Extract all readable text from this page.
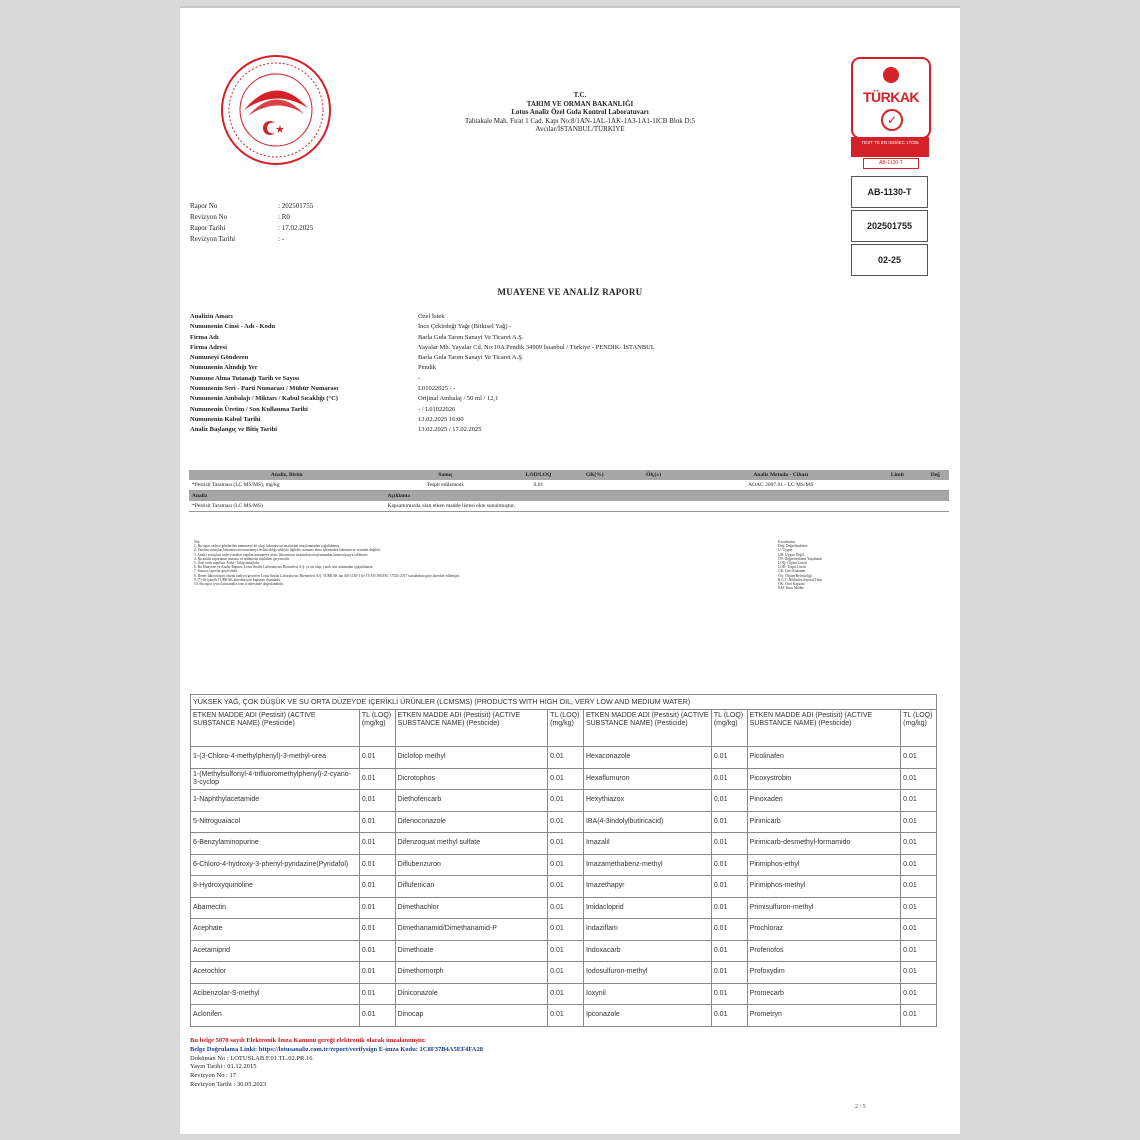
T.C.
TARIM VE ORMAN BAKANLIĞI
Lotus Analiz Özel Gıda Kontrol Laboratuvarı
Tahtakale Mah. Fırat 1 Cad. Kapı No:8/1AN-1AL-1AK-1A3-1A1-1ICB Blok D:5
Avcılar/İSTANBUL/TÜRKİYE
TÜRKAK
✓
TEST TS EN ISO/IEC 17025
AB-1130-T
AB-1130-T
202501755
02-25
Rapor No	: 202501755
Revizyon No	: R0
Rapor Tarihi	: 17.02.2025
Revizyon Tarihi	: -
MUAYENE VE ANALİZ RAPORU
Analizin Amacı	Özel İstek
Numunenin Cinsi - Adı - Kodu	İnce Çekirdeği Yağı (Bitkisel Yağ) -
Firma Adı	Barla Gıda Tarım Sanayi Ve Ticaret A.Ş.
Firma Adresi	Yayalar Mh. Yayalar Cd. No:10A Pendik 34909 İstanbul / Türkiye - PENDİK- İSTANBUL
Numuneyi Gönderen	Barla Gıda Tarım Sanayi Ve Ticaret A.Ş.
Numunenin Alındığı Yer	Pendik
Numune Alma Tutanağı Tarih ve Sayısı	-
Numunenin Seri - Parti Numarası / Mühür Numarası	L01022025 / -
Numunenin Ambalajı / Miktarı / Kabul Sıcaklığı (°C)	Orijinal Ambalaj / 50 ml / 12,1
Numunenin Üretim / Son Kullanma Tarihi	- / L01022026
Numunenin Kabul Tarihi	13.02.2025 16:00
Analiz Başlangıç ve Bitiş Tarihi	13.02.2025 / 17.02.2025
Analiz, Birim	Sonuç	LOD/LOQ	GK(%)	Ölç(±)	Analiz Metodu - Cihazı	Limit	Değ
*Pestisit Taraması (LC MS/MS), mg/kg	Tespit edilemedi.	0,01			AOAC 2007.01 - LC MS/MS		
Analiz	Açıklama						
*Pestisit Taraması (LC MS/MS)	Kapsamımızda olan etken madde listesi ekte sunulmuştur.						
Not:
1. Bu rapor sadece gönderilen numuneye ait olup, laboratuvar tarafından onaylanmadan çoğaltılamaz.
2. Yazılım sonuçlar, laboratuvarın numuneyi teslim aldığı şekliyle ilgilidir; numune alma işleminden laboratuvar sorumlu değildir.
3. Analiz sonuçları sadece analizi yapılan numuneye aittir, laboratuvar tarafından onaylanmadan kısmen kopya edilemez.
4. Bu analiz raporunun imzasız ve mühürsüz nüshaları geçersizdir.
5. Özel istek raporları Ardıl - Takip amaçlıdır.
6. Bu Muayene ve Analiz Raporu, Lotus Analiz Laboratuvarı Hizmetleri A.Ş. ye ait olup, yazılı izin alınmadan çoğaltılamaz.
7. Sonucu raporlar geçersizdir.
8. Deney laboratuvarı olarak faaliyet gösteren Lotus Analiz Laboratuvarı Hizmetleri A.Ş. TÜRKAK tan AB-1130-T ile TS EN ISO/IEC 17025:2017 standardına göre akredite edilmiştir.
9. (*) ile işaretli TÜRKAK akreditasyon kapsamı dışındadır.
10. Bu rapor www.lotusanaliz.com.tr adresinde doğrulanabilir.
Kısaltmalar:
Değ: Değerlendirme
U: Uygun
UD: Uygun Değil
ÖY: Değerlendirme Yapılmadı
LOQ: Ölçüm Limiti
LOD: Tespit Limiti
GK: Geri Kazanım
Ölç: Ölçüm Belirsizliği
B.G.T: Bildirilen Sayısal Tutar
ÖK: Özel Kapsam
KM: Kuru Madde
YÜKSEK YAĞ, ÇOK DÜŞÜK VE SU ORTA DÜZEYDE İÇERİKLİ ÜRÜNLER (LCMSMS) (PRODUCTS WITH HIGH OIL, VERY LOW AND MEDIUM WATER)							
ETKEN MADDE ADI (Pestisit) (ACTIVE SUBSTANCE NAME) (Pesticide)	TL (LOQ) (mg/kg)	ETKEN MADDE ADI (Pestisit) (ACTIVE SUBSTANCE NAME) (Pesticide)	TL (LOQ) (mg/kg)	ETKEN MADDE ADI (Pestisit) (ACTIVE SUBSTANCE NAME) (Pesticide)	TL (LOQ) (mg/kg)	ETKEN MADDE ADI (Pestisit) (ACTIVE SUBSTANCE NAME) (Pesticide)	TL (LOQ) (mg/kg)
1-(3-Chloro-4-methylphenyl)-3-methyl-urea	0.01	Diclofop methyl	0.01	Hexaconazole	0.01	Picolinafen	0.01
1-(Methylsulfonyl-4-trifluoromethylphenyl)-2-cyano-3-cyclop	0.01	Dicrotophos	0.01	Hexaflumuron	0.01	Picoxystrobin	0.01
1-Naphthylacetamide	0.01	Diethofencarb	0.01	Hexythiazox	0.01	Pinoxaden	0.01
5-Nitroguaiacol	0.01	Difenoconazole	0.01	IBA(4-3indolylbutiricacid)	0.01	Pirimicarb	0.01
6-Benzylaminopurine	0.01	Difenzoquat methyl sulfate	0.01	Imazalil	0.01	Pirimicarb-desmethyl-formamido	0.01
6-Chloro-4-hydroxy-3-phenyl-pyridazine(Pyridafol)	0.01	Diflubenzuron	0.01	Imazamethabenz-methyl	0.01	Pirimiphos-ethyl	0.01
8-Hydroxyquinoline	0.01	Diflufenican	0.01	Imazethapyr	0.01	Pirimiphos-methyl	0.01
Abamectin	0.01	Dimethachlor	0.01	Imidacloprid	0.01	Primisulfuron-methyl	0.01
Acephate	0.01	Dimethanamid/Dimethanamid-P	0.01	Indaziflam	0.01	Prochloraz	0.01
Acetamiprid	0.01	Dimethoate	0.01	Indoxacarb	0.01	Profenofos	0.01
Acetochlor	0.01	Dimethomorph	0.01	Iodosulfuron-methyl	0.01	Profoxydim	0.01
Acibenzolar-S-methyl	0.01	Diniconazole	0.01	Ioxynil	0.01	Promecarb	0.01
Aclonifen	0.01	Dinocap	0.01	Ipconazole	0.01	Prometryn	0.01
Bu belge 5070 sayılı Elektronik İmza Kanunu gereği elektronik olarak imzalanmıştır.
Belge Doğrulama Linki: https://lotusanaliz.com.tr/report/verifysign E-imza Kodu: 1C8F37B4A5EF4FA28
Doküman No : LOTUSLAB.F.01.TL.02.PR.16
Yayın Tarihi : 01.12.2015
Revizyon No : 17
Revizyon Tarihi : 30.05.2023
2 / 5
